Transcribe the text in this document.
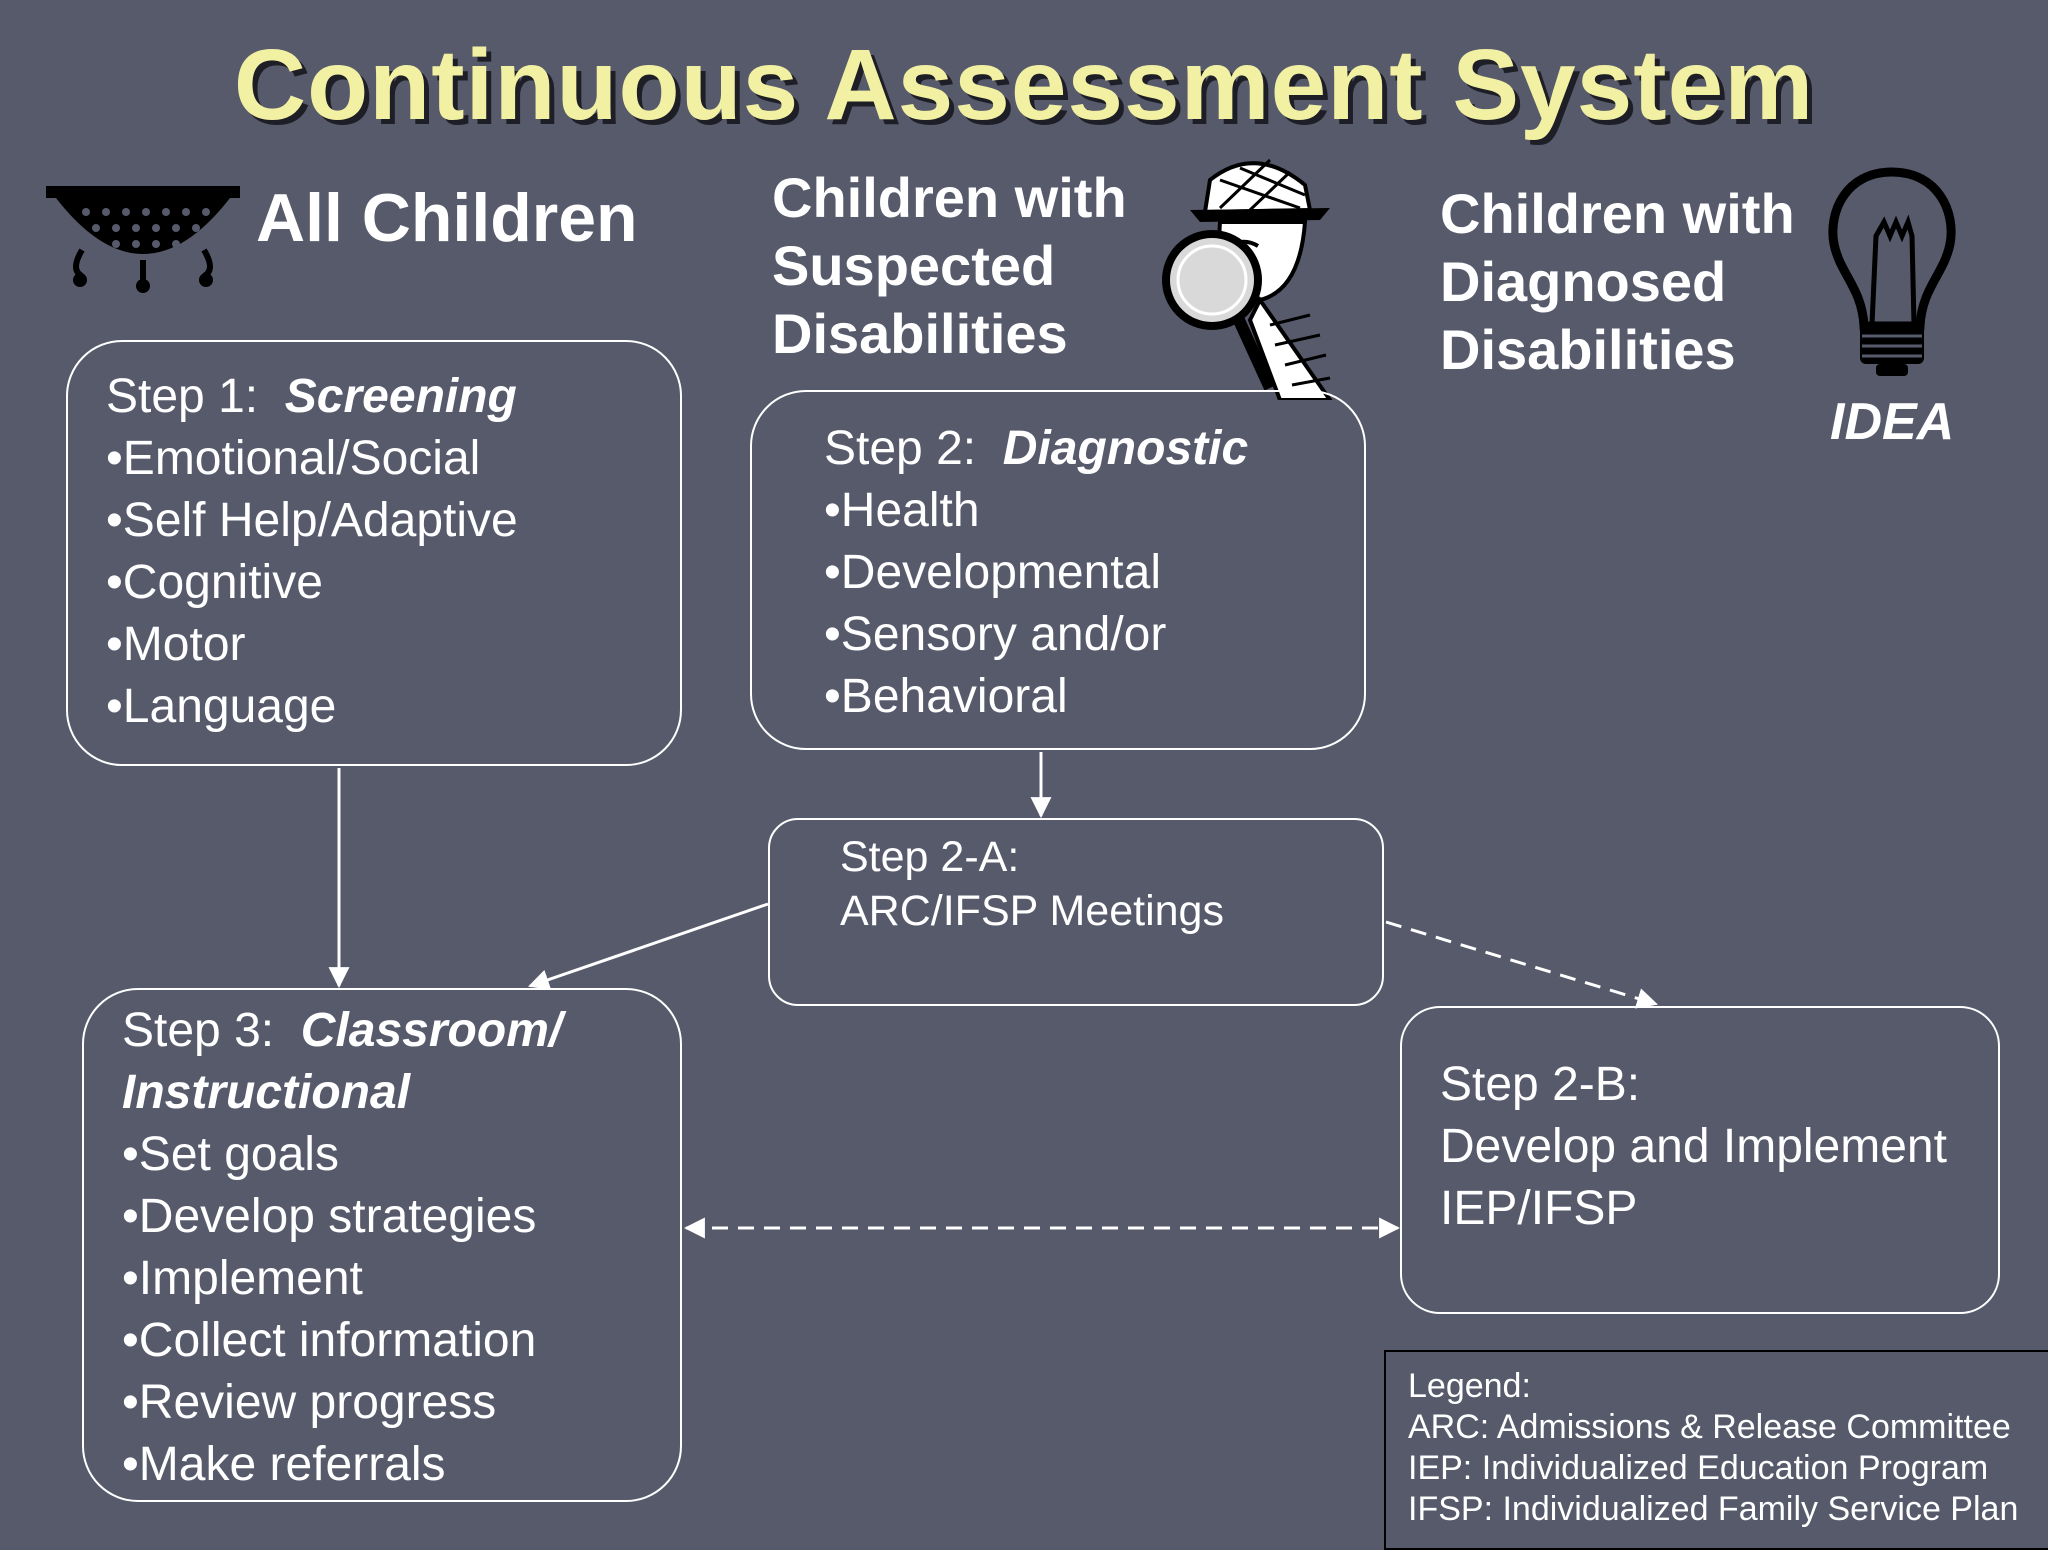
Continuous Assessment System
All Children Children with
Suspected
Disabilities
Children with
Diagnosed
Disabilities
IDEA
Step 1:  Screening
•Emotional/Social
•Self Help/Adaptive
•Cognitive
•Motor
•Language
Step 2:  Diagnostic
•Health
•Developmental
•Sensory and/or
•Behavioral
Step 2-A:
ARC/IFSP Meetings
Step 3:  Classroom/
Instructional
•Set goals
•Develop strategies
•Implement
•Collect information
•Review progress
•Make referrals
Step 2-B:
Develop and Implement
IEP/IFSP
Legend:
ARC: Admissions & Release Committee
IEP: Individualized Education Program
IFSP: Individualized Family Service Plan
